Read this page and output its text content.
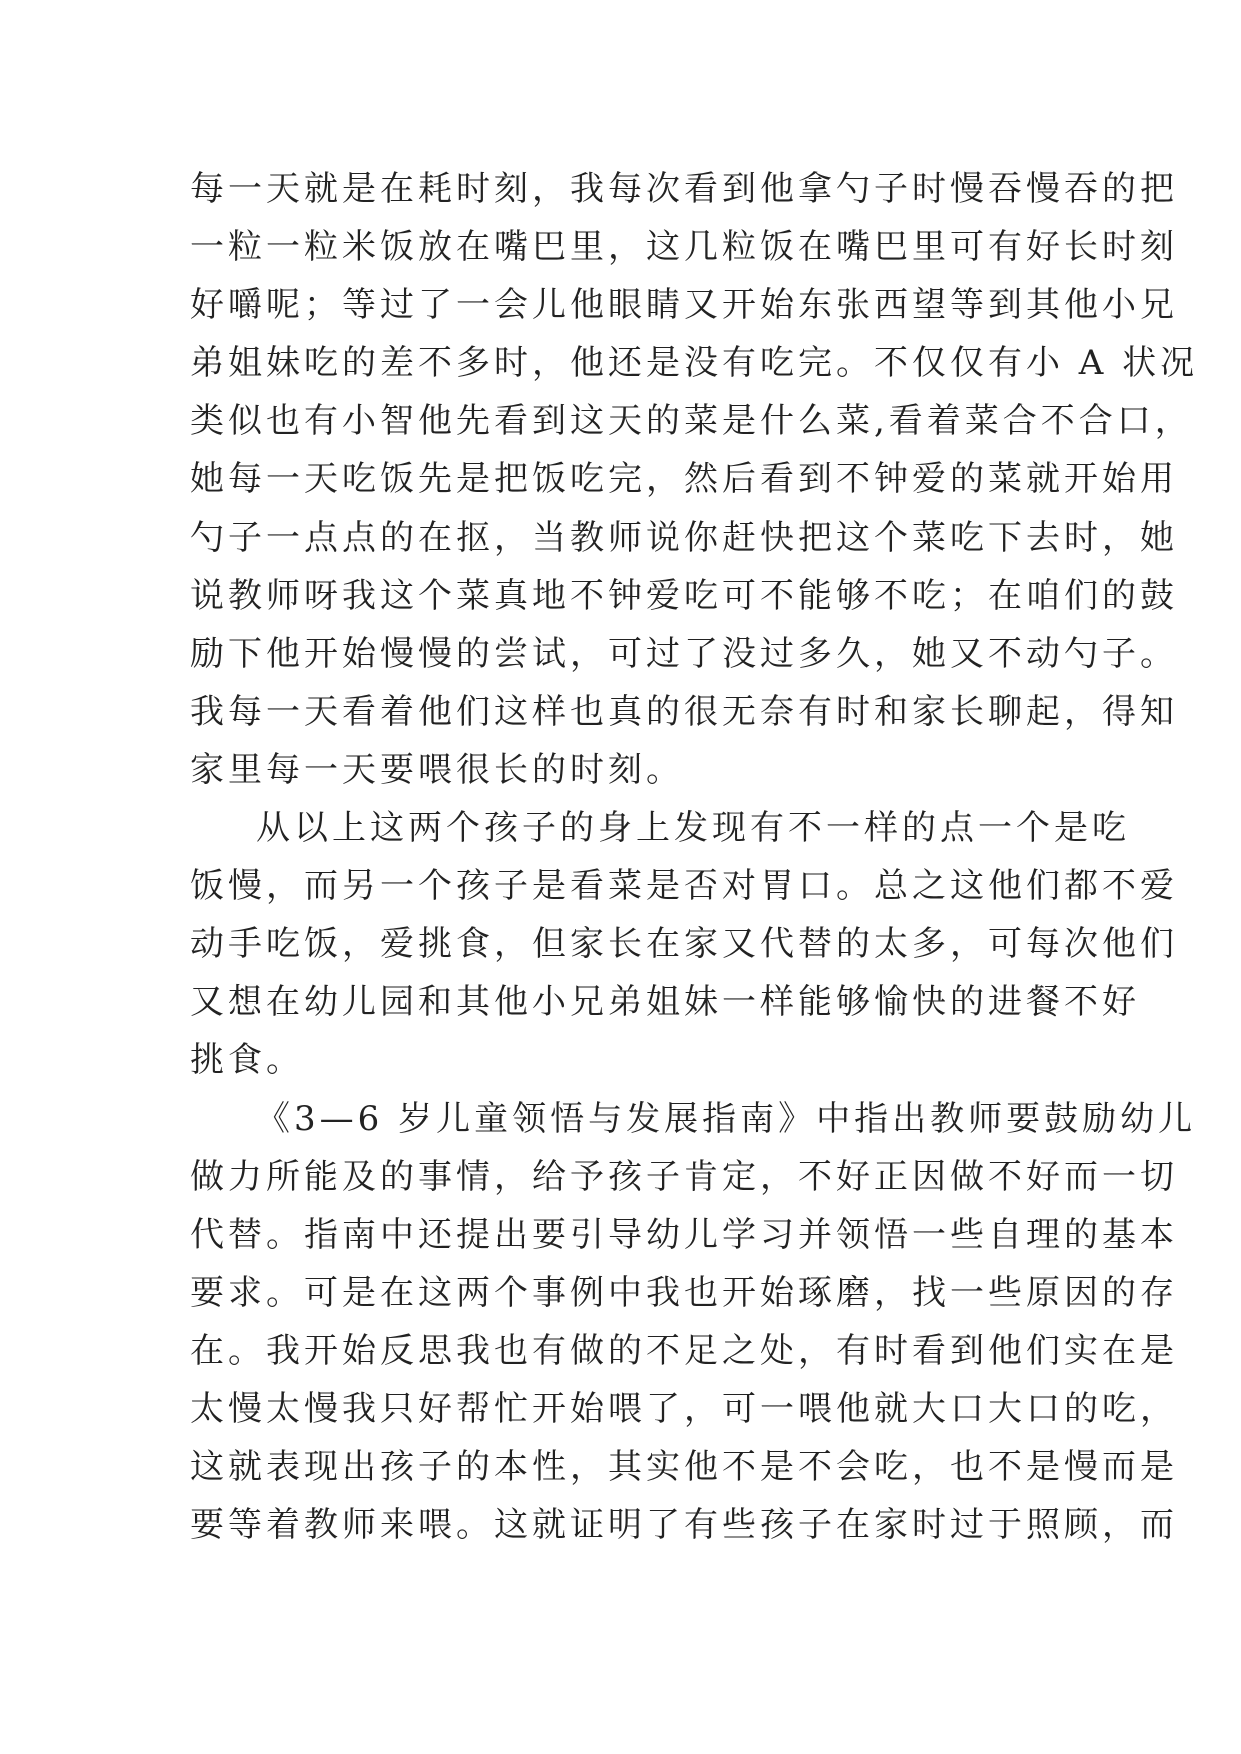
每一天就是在耗时刻，我每次看到他拿勺子时慢吞慢吞的把
一粒一粒米饭放在嘴巴里，这几粒饭在嘴巴里可有好长时刻
好嚼呢；等过了一会儿他眼睛又开始东张西望等到其他小兄
弟姐妹吃的差不多时，他还是没有吃完。不仅仅有小 A 状况
类似也有小智他先看到这天的菜是什么菜,看着菜合不合口，
她每一天吃饭先是把饭吃完，然后看到不钟爱的菜就开始用
勺子一点点的在抠，当教师说你赶快把这个菜吃下去时，她
说教师呀我这个菜真地不钟爱吃可不能够不吃；在咱们的鼓
励下他开始慢慢的尝试，可过了没过多久，她又不动勺子。
我每一天看着他们这样也真的很无奈有时和家长聊起，得知
家里每一天要喂很长的时刻。
从以上这两个孩子的身上发现有不一样的点一个是吃
饭慢，而另一个孩子是看菜是否对胃口。总之这他们都不爱
动手吃饭，爱挑食，但家长在家又代替的太多，可每次他们
又想在幼儿园和其他小兄弟姐妹一样能够愉快的进餐不好
挑食。
《3—6 岁儿童领悟与发展指南》中指出教师要鼓励幼儿
做力所能及的事情，给予孩子肯定，不好正因做不好而一切
代替。指南中还提出要引导幼儿学习并领悟一些自理的基本
要求。可是在这两个事例中我也开始琢磨，找一些原因的存
在。我开始反思我也有做的不足之处，有时看到他们实在是
太慢太慢我只好帮忙开始喂了，可一喂他就大口大口的吃，
这就表现出孩子的本性，其实他不是不会吃，也不是慢而是
要等着教师来喂。这就证明了有些孩子在家时过于照顾，而
